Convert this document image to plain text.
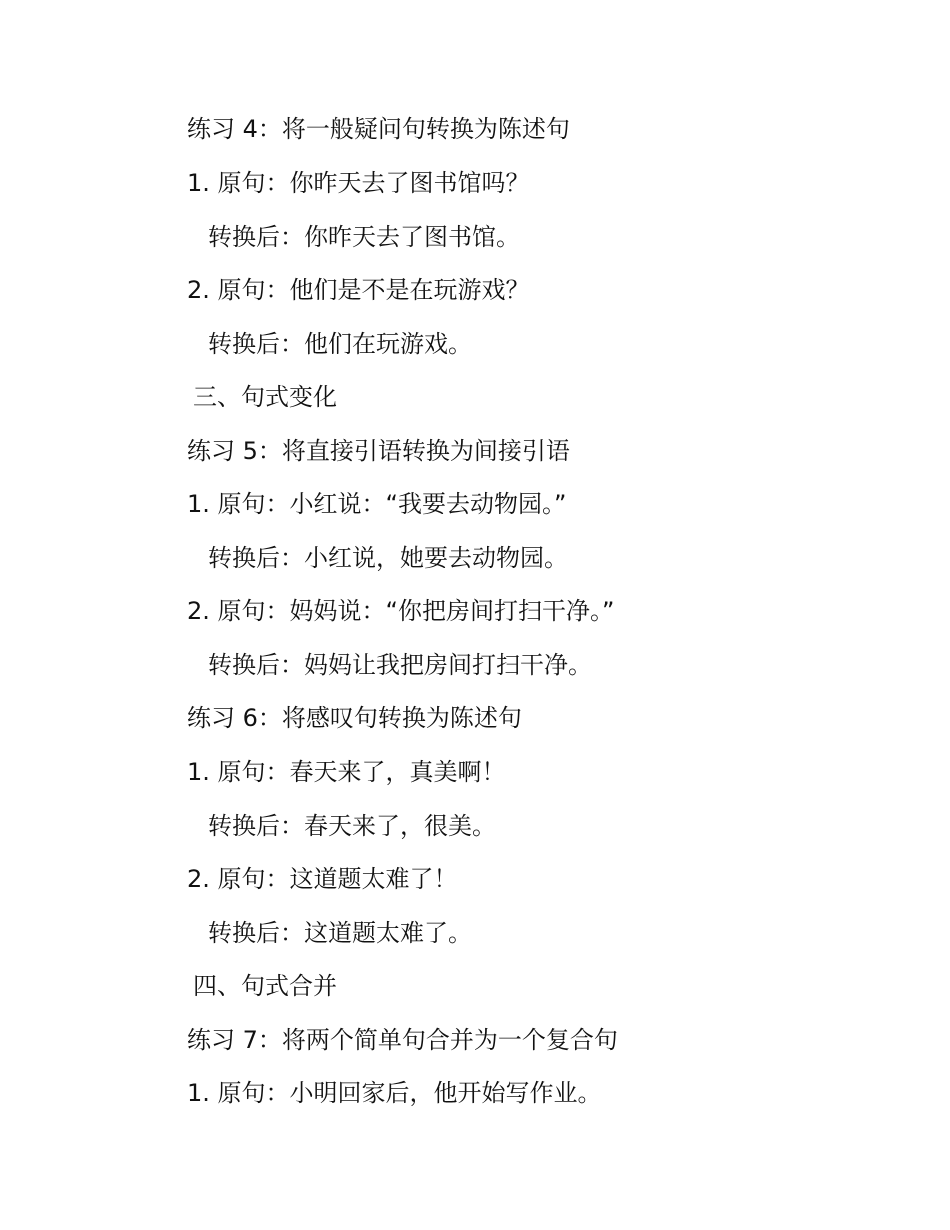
练习 4：将一般疑问句转换为陈述句
1. 原句：你昨天去了图书馆吗？
转换后：你昨天去了图书馆。
2. 原句：他们是不是在玩游戏？
转换后：他们在玩游戏。
三、句式变化
练习 5：将直接引语转换为间接引语
1. 原句：小红说：“我要去动物园。”
转换后：小红说，她要去动物园。
2. 原句：妈妈说：“你把房间打扫干净。”
转换后：妈妈让我把房间打扫干净。
练习 6：将感叹句转换为陈述句
1. 原句：春天来了，真美啊！
转换后：春天来了，很美。
2. 原句：这道题太难了！
转换后：这道题太难了。
四、句式合并
练习 7：将两个简单句合并为一个复合句
1. 原句：小明回家后，他开始写作业。
